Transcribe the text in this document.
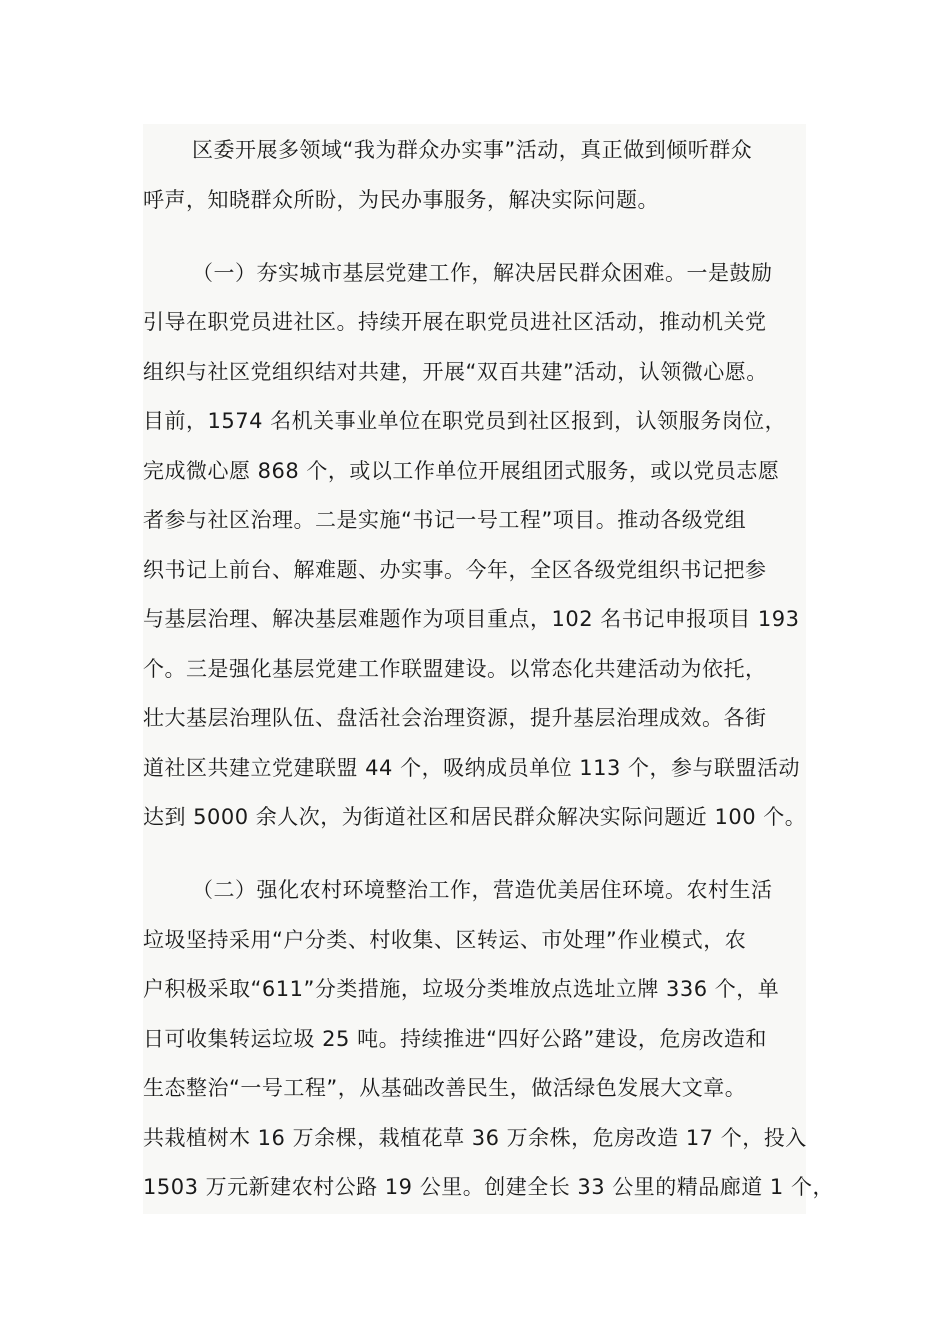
区委开展多领域“我为群众办实事”活动，真正做到倾听群众
呼声，知晓群众所盼，为民办事服务，解决实际问题。
（一）夯实城市基层党建工作，解决居民群众困难。一是鼓励
引导在职党员进社区。持续开展在职党员进社区活动，推动机关党
组织与社区党组织结对共建，开展“双百共建”活动，认领微心愿。
目前，1574 名机关事业单位在职党员到社区报到，认领服务岗位，
完成微心愿 868 个，或以工作单位开展组团式服务，或以党员志愿
者参与社区治理。二是实施“书记一号工程”项目。推动各级党组
织书记上前台、解难题、办实事。今年，全区各级党组织书记把参
与基层治理、解决基层难题作为项目重点，102 名书记申报项目 193
个。三是强化基层党建工作联盟建设。以常态化共建活动为依托，
壮大基层治理队伍、盘活社会治理资源，提升基层治理成效。各街
道社区共建立党建联盟 44 个，吸纳成员单位 113 个，参与联盟活动
达到 5000 余人次，为街道社区和居民群众解决实际问题近 100 个。
（二）强化农村环境整治工作，营造优美居住环境。农村生活
垃圾坚持采用“户分类、村收集、区转运、市处理”作业模式，农
户积极采取“611”分类措施，垃圾分类堆放点选址立牌 336 个，单
日可收集转运垃圾 25 吨。持续推进“四好公路”建设，危房改造和
生态整治“一号工程”，从基础改善民生，做活绿色发展大文章。
共栽植树木 16 万余棵，栽植花草 36 万余株，危房改造 17 个，投入
1503 万元新建农村公路 19 公里。创建全长 33 公里的精品廊道 1 个，
